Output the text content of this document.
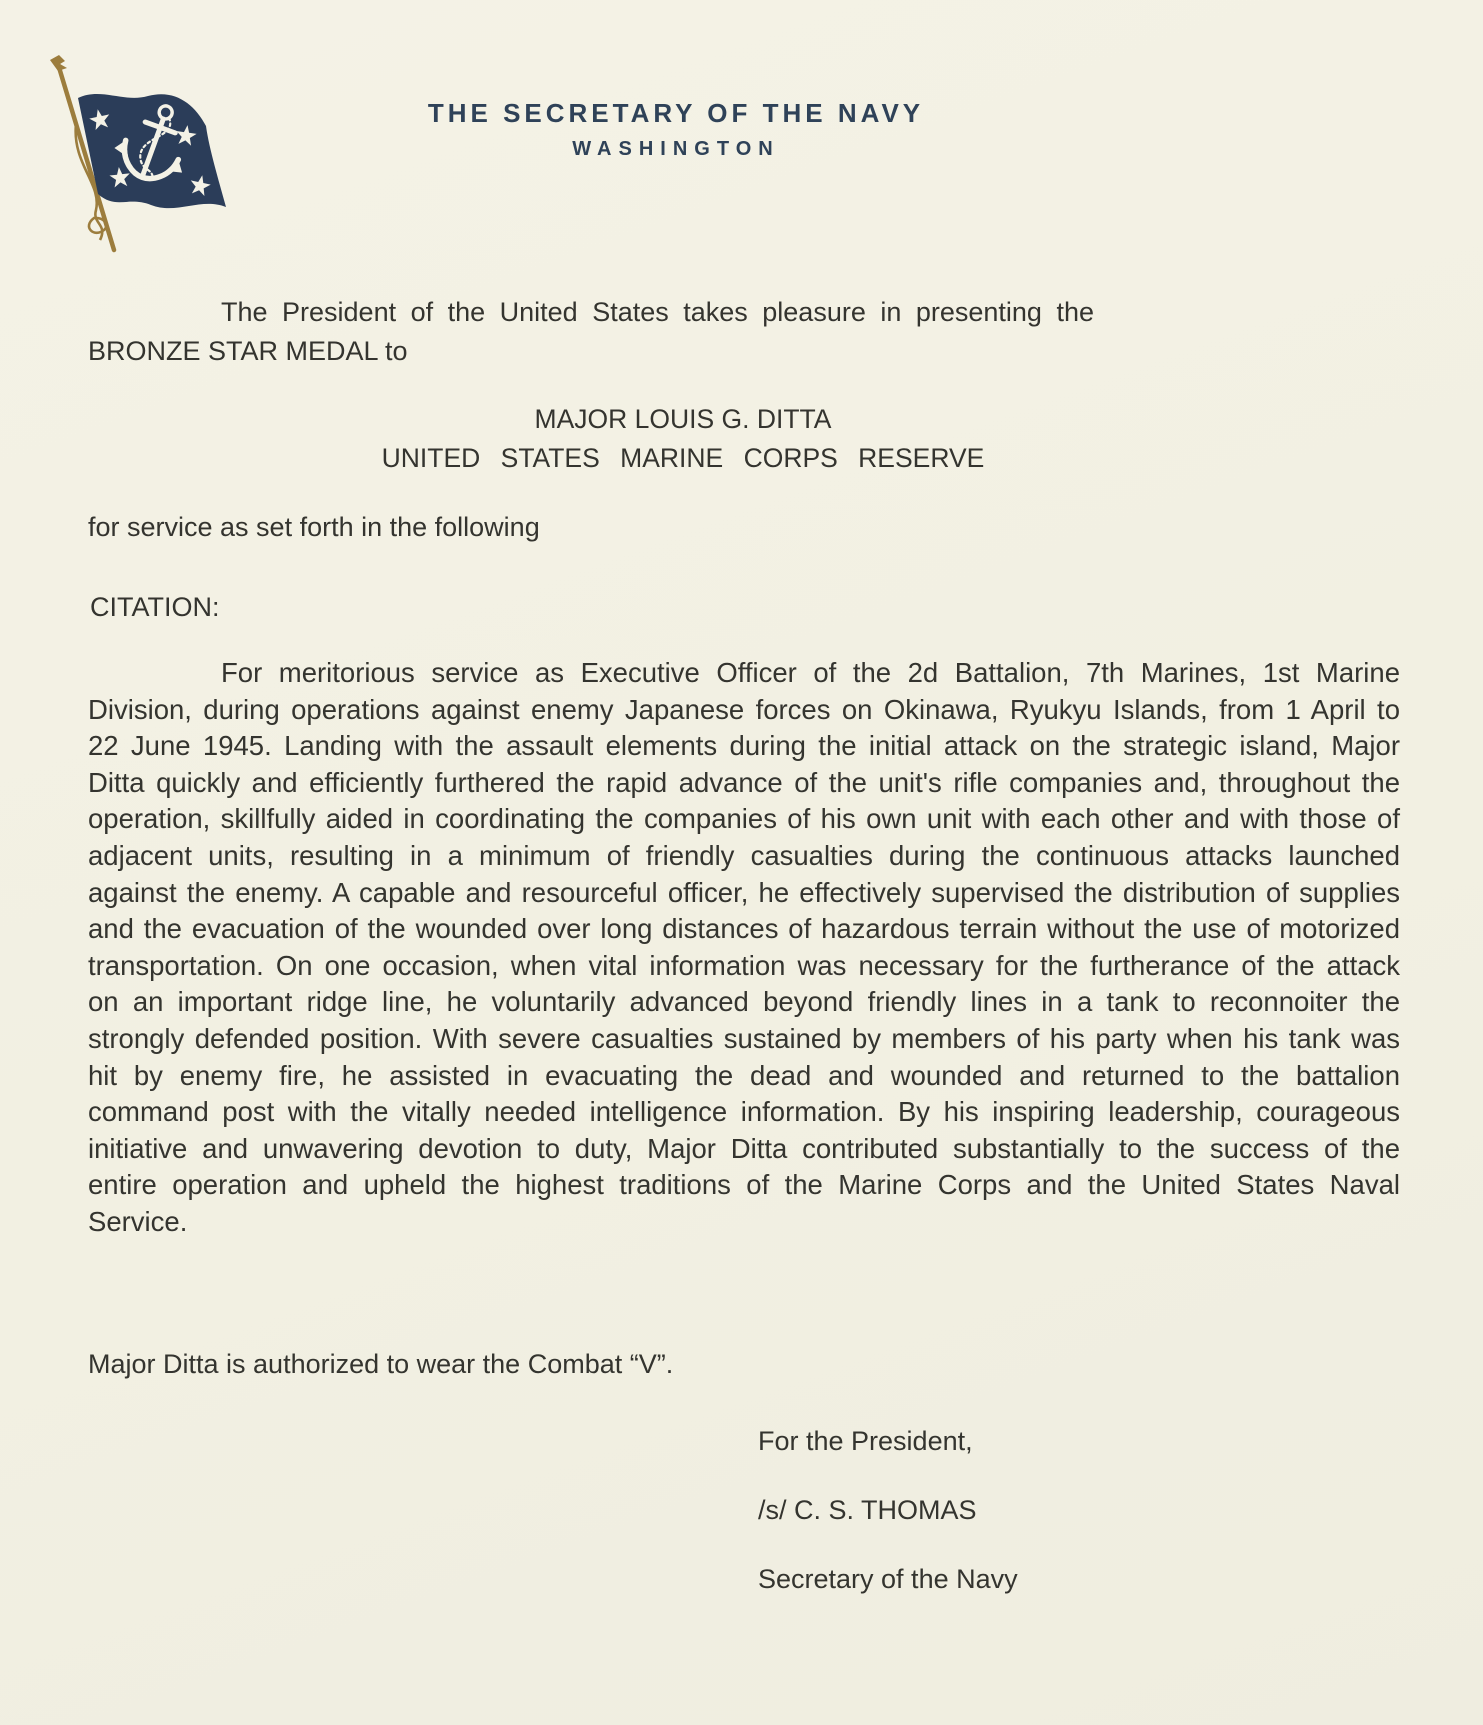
THE SECRETARY OF THE NAVY
WASHINGTON
The President of the United States takes pleasure in presenting the
BRONZE STAR MEDAL to
MAJOR LOUIS G. DITTA
UNITED STATES MARINE CORPS RESERVE
for service as set forth in the following
CITATION:

For meritorious service as Executive Officer of the 2d Battalion, 7th Marines, 1st Marine Division, during operations against enemy Japanese forces on Okinawa, Ryukyu Islands, from 1 April to 22 June 1945. Landing with the assault elements during the initial attack on the strategic island, Major Ditta quickly and efficiently furthered the rapid advance of the unit's rifle companies and, throughout the operation, skillfully aided in coordinating the companies of his own unit with each other and with those of adjacent units, resulting in a minimum of friendly casualties during the continuous attacks launched against the enemy. A capable and resourceful officer, he effectively supervised the distribution of supplies and the evacuation of the wounded over long distances of hazardous terrain without the use of motorized transportation. On one occasion, when vital information was necessary for the furtherance of the attack on an important ridge line, he voluntarily advanced beyond friendly lines in a tank to reconnoiter the strongly defended position. With severe casualties sustained by members of his party when his tank was hit by enemy fire, he assisted in evacuating the dead and wounded and returned to the battalion command post with the vitally needed intelligence information. By his inspiring leadership, courageous initiative and unwavering devotion to duty, Major Ditta contributed substantially to the success of the entire operation and upheld the highest traditions of the Marine Corps and the United States Naval Service.

Major Ditta is authorized to wear the Combat “V”.
For the President,
/s/ C. S. THOMAS
Secretary of the Navy
